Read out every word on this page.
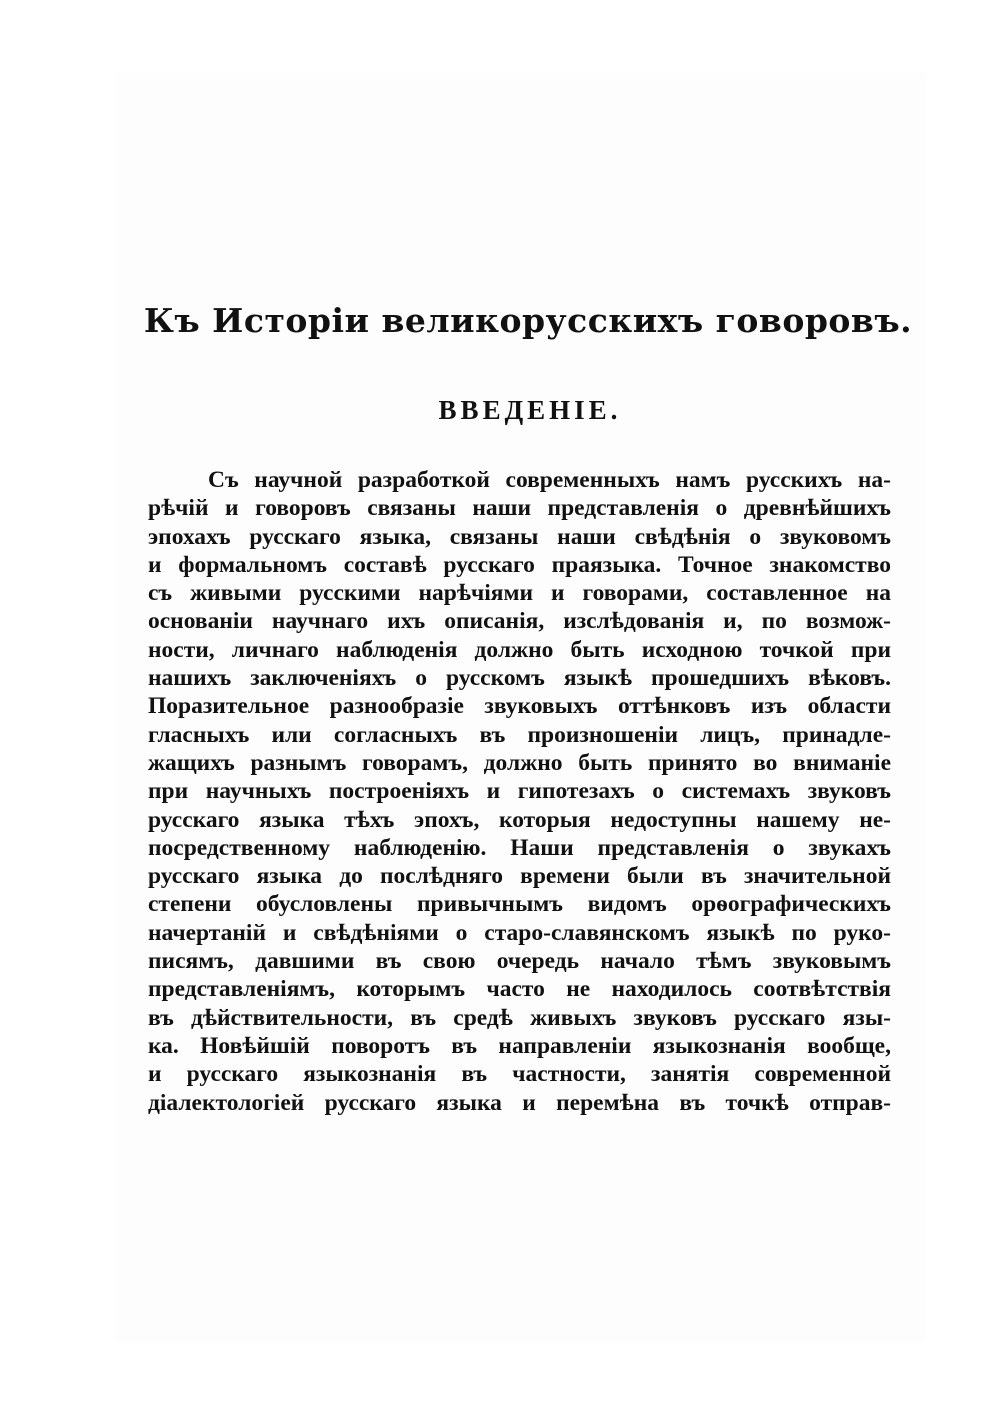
Къ Исторіи великорусскихъ говоровъ.
ВВЕДЕНІЕ.
Съ научной разработкой современныхъ намъ русскихъ на-
рѣчій и говоровъ связаны наши представленія о древнѣйшихъ
эпохахъ русскаго языка, связаны наши свѣдѣнія о звуковомъ
и формальномъ составѣ русскаго праязыка. Точное знакомство
съ живыми русскими нарѣчіями и говорами, составленное на
основаніи научнаго ихъ описанія, изслѣдованія и, по возмож-
ности, личнаго наблюденія должно быть исходною точкой при
нашихъ заключеніяхъ о русскомъ языкѣ прошедшихъ вѣковъ.
Поразительное разнообразіе звуковыхъ оттѣнковъ изъ области
гласныхъ или согласныхъ въ произношеніи лицъ, принадле-
жащихъ разнымъ говорамъ, должно быть принято во вниманіе
при научныхъ построеніяхъ и гипотезахъ о системахъ звуковъ
русскаго языка тѣхъ эпохъ, которыя недоступны нашему не-
посредственному наблюденію. Наши представленія о звукахъ
русскаго языка до послѣдняго времени были въ значительной
степени обусловлены привычнымъ видомъ орѳографическихъ
начертаній и свѣдѣніями о старо-славянскомъ языкѣ по руко-
писямъ, давшими въ свою очередь начало тѣмъ звуковымъ
представленіямъ, которымъ часто не находилось соотвѣтствія
въ дѣйствительности, въ средѣ живыхъ звуковъ русскаго язы-
ка. Новѣйшій поворотъ въ направленіи языкознанія вообще,
и русскаго языкознанія въ частности, занятія современной
діалектологіей русскаго языка и перемѣна въ точкѣ отправ-
